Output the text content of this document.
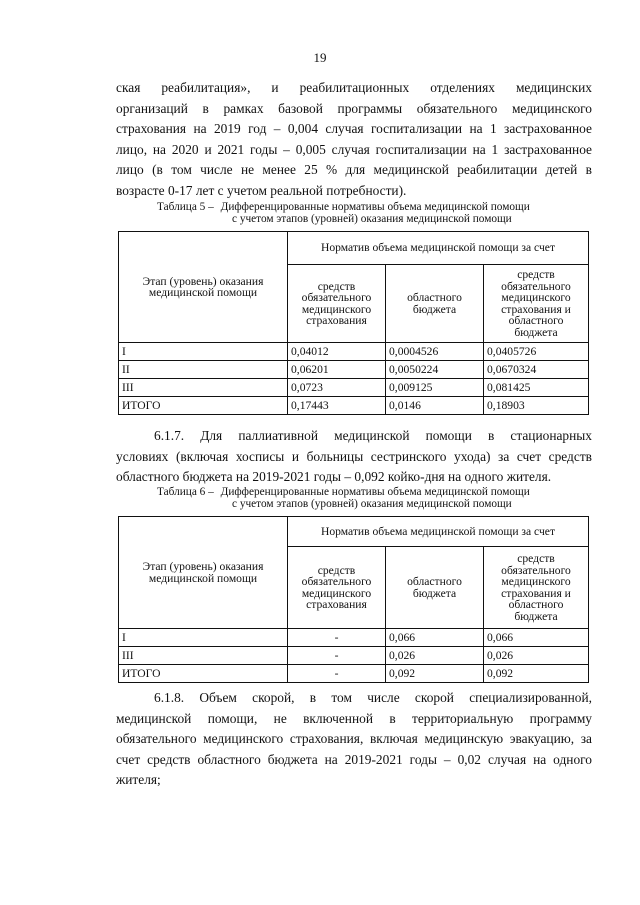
19
ская реабилитация», и реабилитационных отделениях медицинских
организаций в рамках базовой программы обязательного медицинского
страхования на 2019 год – 0,004 случая госпитализации на 1 застрахованное
лицо, на 2020 и 2021 годы – 0,005 случая госпитализации на 1 застрахованное
лицо (в том числе не менее 25 % для медицинской реабилитации детей в
возрасте 0-17 лет с учетом реальной потребности).
Таблица 5 – Дифференцированные нормативы объема медицинской помощи
с учетом этапов (уровней) оказания медицинской помощи
Этап (уровень) оказания медицинской помощи	Норматив объема медицинской помощи за счет		
	средств обязательного медицинского страхования	областного бюджета	средств обязательного медицинского страхования и областного бюджета
I	0,04012	0,0004526	0,0405726
II	0,06201	0,0050224	0,0670324
III	0,0723	0,009125	0,081425
ИТОГО	0,17443	0,0146	0,18903
6.1.7. Для паллиативной медицинской помощи в стационарных
условиях (включая хосписы и больницы сестринского ухода) за счет средств
областного бюджета на 2019-2021 годы – 0,092 койко-дня на одного жителя.
Таблица 6 – Дифференцированные нормативы объема медицинской помощи
с учетом этапов (уровней) оказания медицинской помощи
Этап (уровень) оказания медицинской помощи	Норматив объема медицинской помощи за счет		
	средств обязательного медицинского страхования	областного бюджета	средств обязательного медицинского страхования и областного бюджета
I	-	0,066	0,066
III	-	0,026	0,026
ИТОГО	-	0,092	0,092
6.1.8. Объем скорой, в том числе скорой специализированной,
медицинской помощи, не включенной в территориальную программу
обязательного медицинского страхования, включая медицинскую эвакуацию, за
счет средств областного бюджета на 2019-2021 годы – 0,02 случая на одного
жителя;
